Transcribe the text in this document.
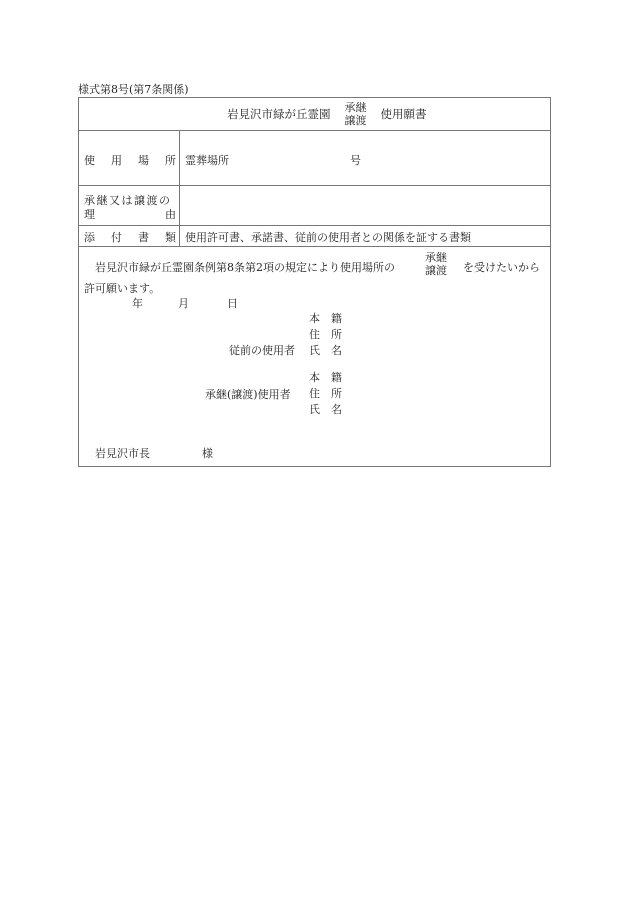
様式第8号(第7条関係)
岩見沢市緑が丘霊園 承継
譲渡 使用願書
使 用 場 所 霊葬場所	号
承継又は譲渡の
理	由
添 付 書 類 使用許可書、承諾書、従前の使用者との関係を証する書類
岩見沢市緑が丘霊園条例第8条第2項の規定により使用場所の
承継
譲渡 を受けたいから
許可願います。
年	月	日
従前の使用者
本 籍
住 所
氏 名
承継(譲渡)使用者
本 籍
住 所
氏 名
岩見沢市長	様
